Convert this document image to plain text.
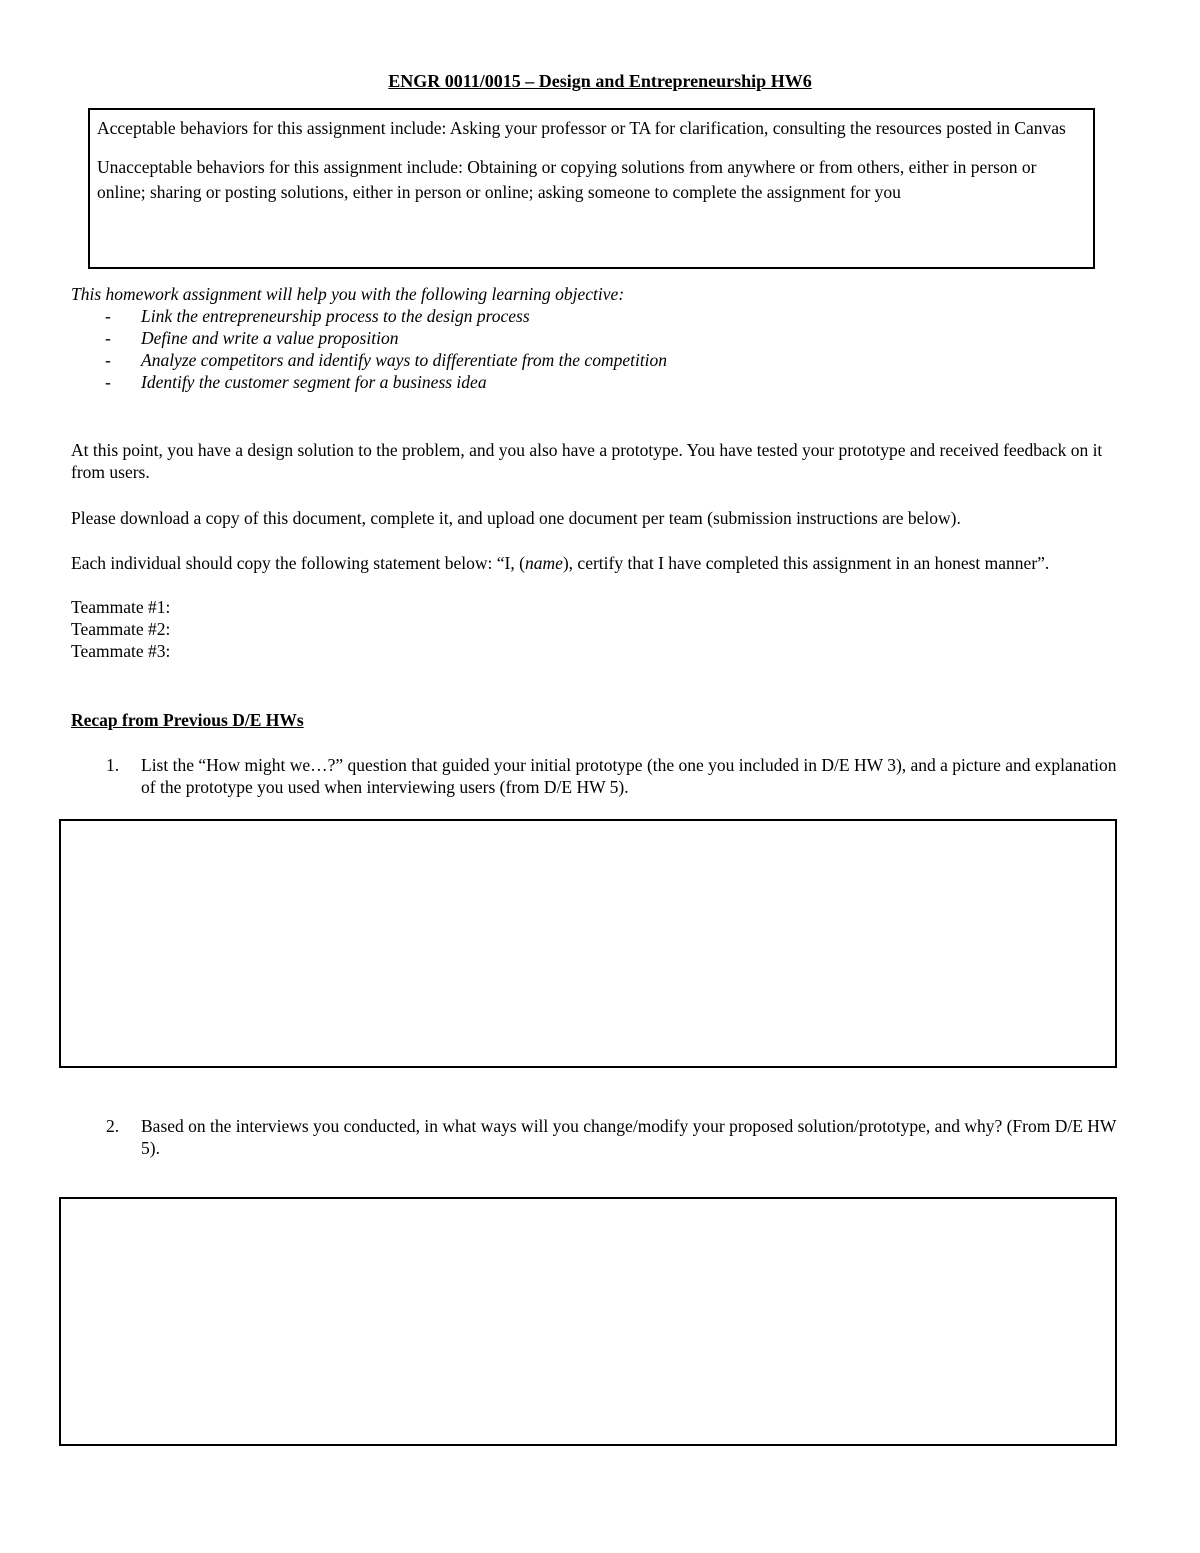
ENGR 0011/0015 – Design and Entrepreneurship HW6

Acceptable behaviors for this assignment include: Asking your professor or TA for clarification, consulting the resources posted in Canvas

Unacceptable behaviors for this assignment include: Obtaining or copying solutions from anywhere or from others, either in person or online; sharing or posting solutions, either in person or online; asking someone to complete the assignment for you

This homework assignment will help you with the following learning objective:
- Link the entrepreneurship process to the design process
- Define and write a value proposition
- Analyze competitors and identify ways to differentiate from the competition
- Identify the customer segment for a business idea
At this point, you have a design solution to the problem, and you also have a prototype. You have tested your prototype and received feedback on it from users.
Please download a copy of this document, complete it, and upload one document per team (submission instructions are below).
Each individual should copy the following statement below: “I, (name), certify that I have completed this assignment in an honest manner”.
Teammate #1:
Teammate #2:
Teammate #3:
Recap from Previous D/E HWs
1. List the “How might we…?” question that guided your initial prototype (the one you included in D/E HW 3), and a picture and explanation of the prototype you used when interviewing users (from D/E HW 5).
2. Based on the interviews you conducted, in what ways will you change/modify your proposed solution/prototype, and why? (From D/E HW 5).
